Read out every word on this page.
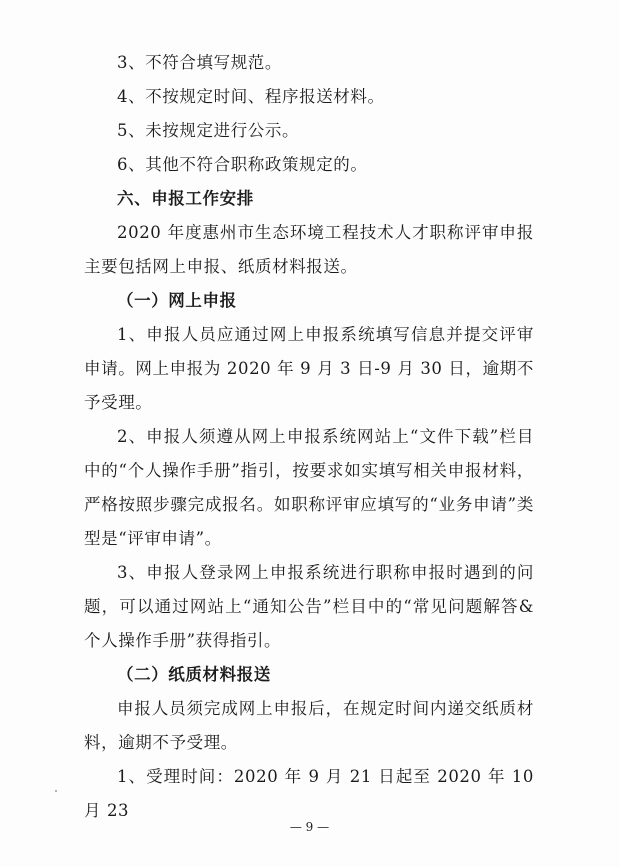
3、不符合填写规范。

4、不按规定时间、程序报送材料。

5、未按规定进行公示。

6、其他不符合职称政策规定的。

六、申报工作安排

2020 年度惠州市生态环境工程技术人才职称评审申报主要包括网上申报、纸质材料报送。

（一）网上申报

1、申报人员应通过网上申报系统填写信息并提交评审申请。网上申报为 2020 年 9 月 3 日-9 月 30 日，逾期不予受理。

2、申报人须遵从网上申报系统网站上“文件下载”栏目中的“个人操作手册”指引，按要求如实填写相关申报材料，严格按照步骤完成报名。如职称评审应填写的“业务申请”类型是“评审申请”。

3、申报人登录网上申报系统进行职称申报时遇到的问题，可以通过网站上“通知公告”栏目中的“常见问题解答&个人操作手册”获得指引。

（二）纸质材料报送

申报人员须完成网上申报后，在规定时间内递交纸质材料，逾期不予受理。

1、受理时间：2020 年 9 月 21 日起至 2020 年 10 月 23

— 9 —
